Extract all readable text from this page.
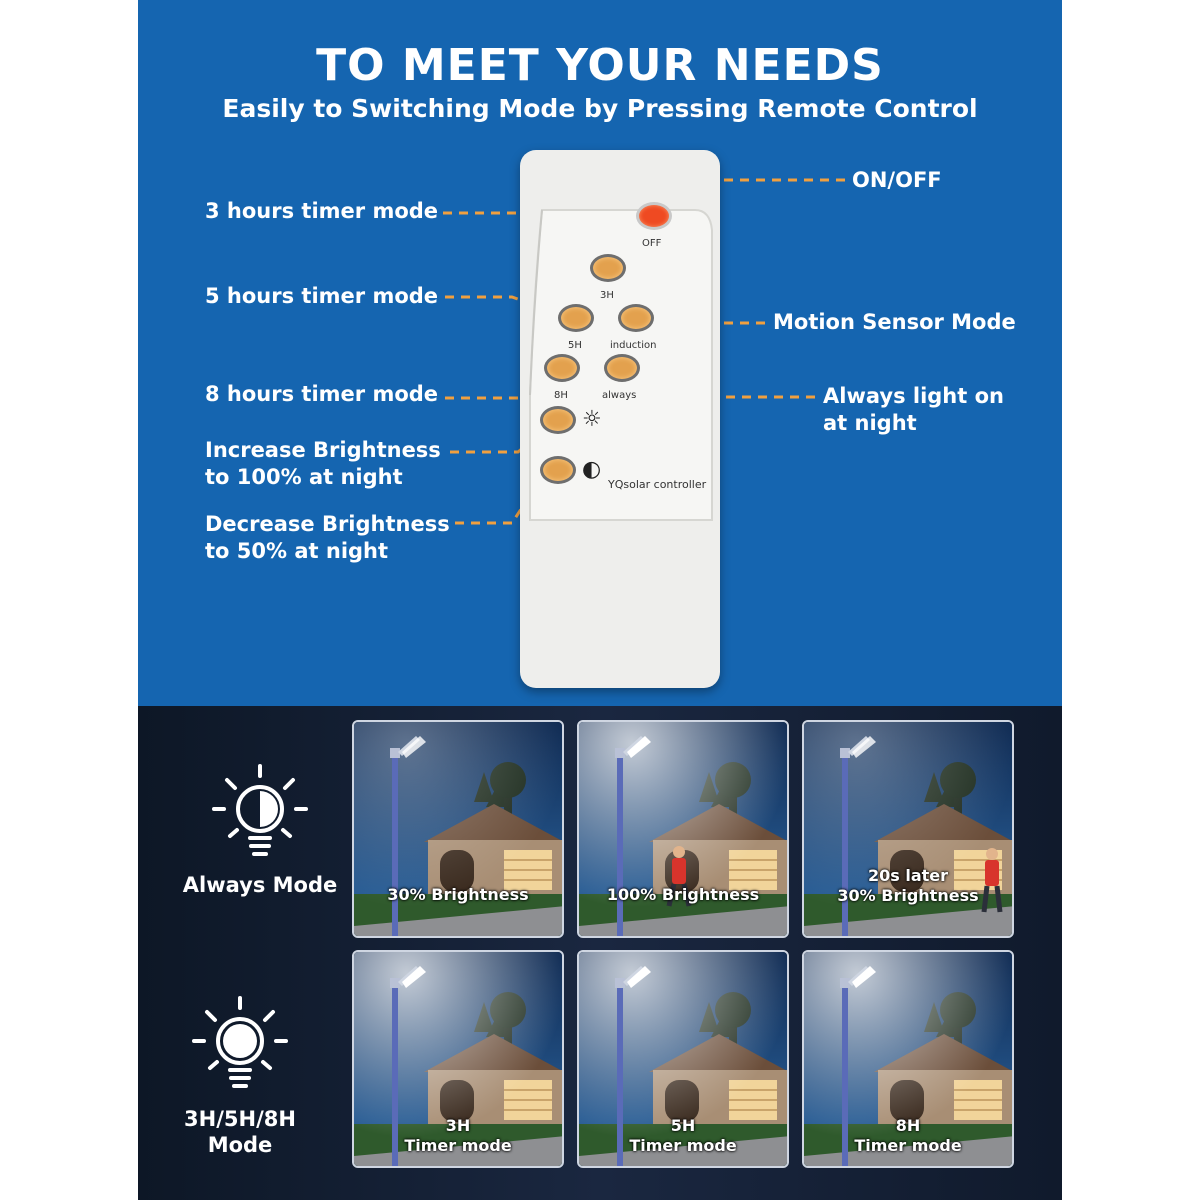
TO MEET YOUR NEEDS
Easily to Switching Mode by Pressing Remote Control
3 hours timer mode
5 hours timer mode
8 hours timer mode
Increase Brightness
to 100% at night
Decrease Brightness
to 50% at night
ON/OFF
Motion Sensor Mode
Always light on
at night
OFF
3H
5H	induction
8H	always
☼
◐
YQsolar controller
Always Mode
3H/5H/8H
Mode
30% Brightness	100% Brightness
20s later
30% Brightness
3H
Timer mode
5H
Timer mode
8H
Timer mode
